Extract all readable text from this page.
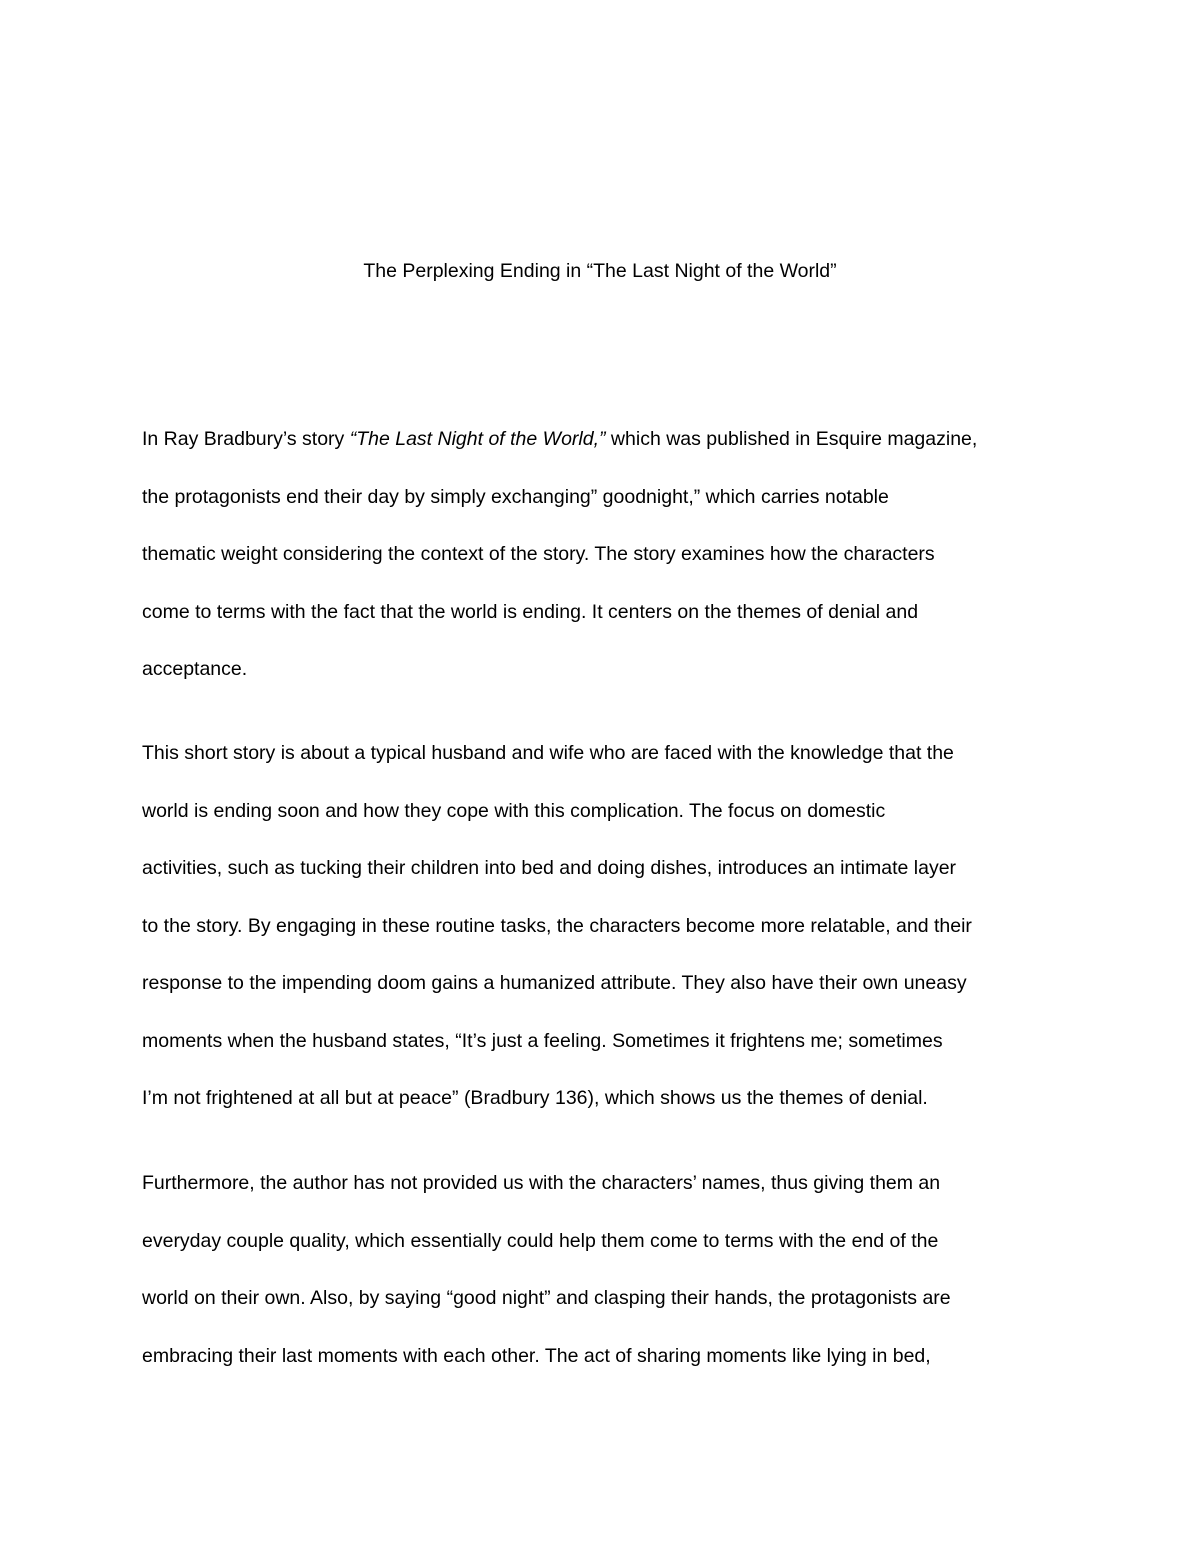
The Perplexing Ending in “The Last Night of the World”
In Ray Bradbury’s story “The Last Night of the World,” which was published in Esquire magazine,
the protagonists end their day by simply exchanging” goodnight,” which carries notable
thematic weight considering the context of the story. The story examines how the characters
come to terms with the fact that the world is ending. It centers on the themes of denial and
acceptance.
This short story is about a typical husband and wife who are faced with the knowledge that the
world is ending soon and how they cope with this complication. The focus on domestic
activities, such as tucking their children into bed and doing dishes, introduces an intimate layer
to the story. By engaging in these routine tasks, the characters become more relatable, and their
response to the impending doom gains a humanized attribute. They also have their own uneasy
moments when the husband states, “It’s just a feeling. Sometimes it frightens me; sometimes
I’m not frightened at all but at peace” (Bradbury 136), which shows us the themes of denial.
Furthermore, the author has not provided us with the characters’ names, thus giving them an
everyday couple quality, which essentially could help them come to terms with the end of the
world on their own. Also, by saying “good night” and clasping their hands, the protagonists are
embracing their last moments with each other. The act of sharing moments like lying in bed,
